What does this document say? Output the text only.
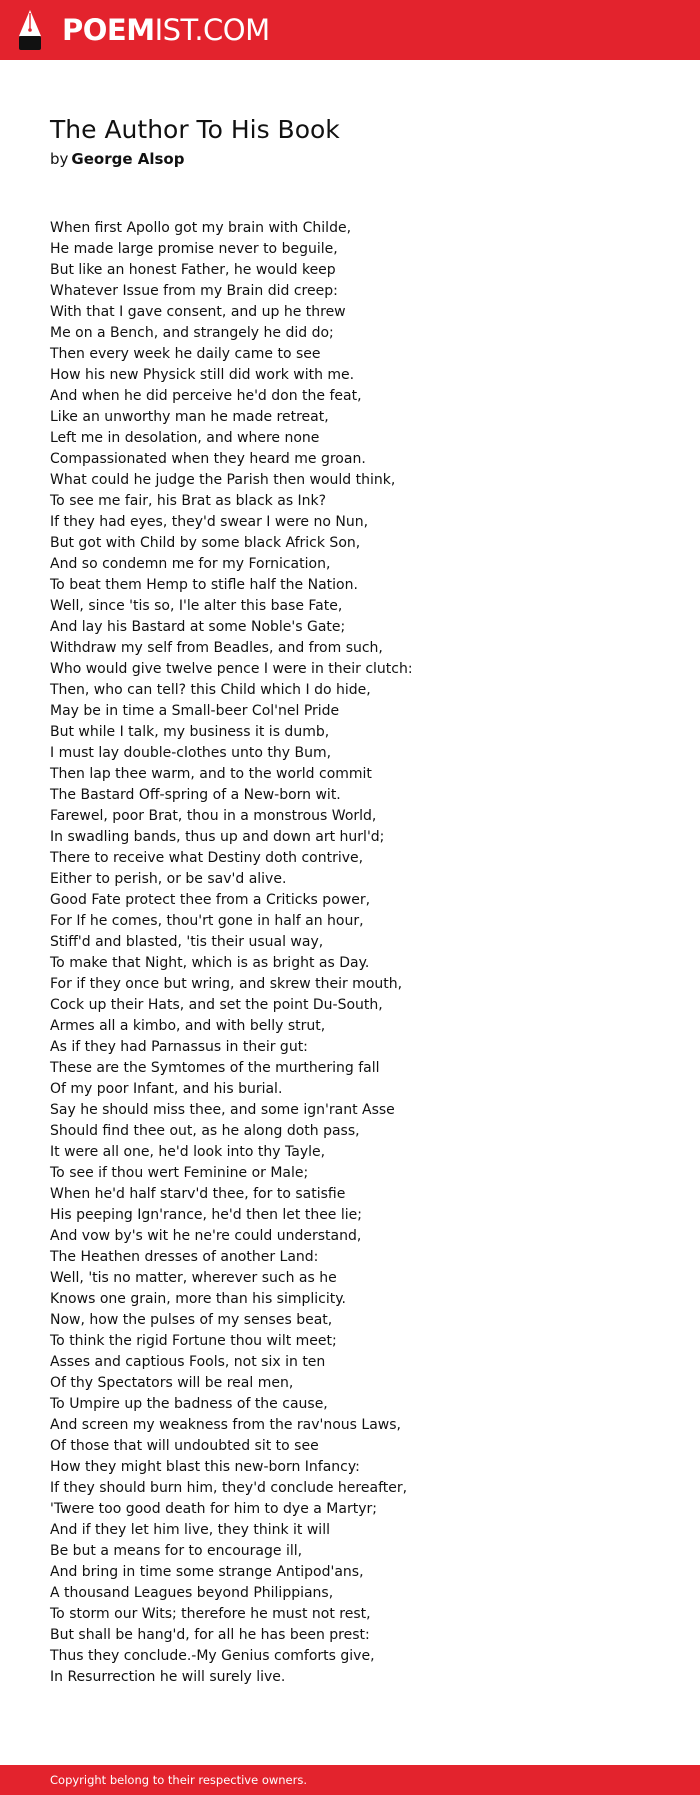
POEMIST.COM
The Author To His Book
by George Alsop
When first Apollo got my brain with Childe,
He made large promise never to beguile,
But like an honest Father, he would keep
Whatever Issue from my Brain did creep:
With that I gave consent, and up he threw
Me on a Bench, and strangely he did do;
Then every week he daily came to see
How his new Physick still did work with me.
And when he did perceive he'd don the feat,
Like an unworthy man he made retreat,
Left me in desolation, and where none
Compassionated when they heard me groan.
What could he judge the Parish then would think,
To see me fair, his Brat as black as Ink?
If they had eyes, they'd swear I were no Nun,
But got with Child by some black Africk Son,
And so condemn me for my Fornication,
To beat them Hemp to stifle half the Nation.
Well, since 'tis so, I'le alter this base Fate,
And lay his Bastard at some Noble's Gate;
Withdraw my self from Beadles, and from such,
Who would give twelve pence I were in their clutch:
Then, who can tell? this Child which I do hide,
May be in time a Small-beer Col'nel Pride
But while I talk, my business it is dumb,
I must lay double-clothes unto thy Bum,
Then lap thee warm, and to the world commit
The Bastard Off-spring of a New-born wit.
Farewel, poor Brat, thou in a monstrous World,
In swadling bands, thus up and down art hurl'd;
There to receive what Destiny doth contrive,
Either to perish, or be sav'd alive.
Good Fate protect thee from a Criticks power,
For If he comes, thou'rt gone in half an hour,
Stiff'd and blasted, 'tis their usual way,
To make that Night, which is as bright as Day.
For if they once but wring, and skrew their mouth,
Cock up their Hats, and set the point Du-South,
Armes all a kimbo, and with belly strut,
As if they had Parnassus in their gut:
These are the Symtomes of the murthering fall
Of my poor Infant, and his burial.
Say he should miss thee, and some ign'rant Asse
Should find thee out, as he along doth pass,
It were all one, he'd look into thy Tayle,
To see if thou wert Feminine or Male;
When he'd half starv'd thee, for to satisfie
His peeping Ign'rance, he'd then let thee lie;
And vow by's wit he ne're could understand,
The Heathen dresses of another Land:
Well, 'tis no matter, wherever such as he
Knows one grain, more than his simplicity.
Now, how the pulses of my senses beat,
To think the rigid Fortune thou wilt meet;
Asses and captious Fools, not six in ten
Of thy Spectators will be real men,
To Umpire up the badness of the cause,
And screen my weakness from the rav'nous Laws,
Of those that will undoubted sit to see
How they might blast this new-born Infancy:
If they should burn him, they'd conclude hereafter,
'Twere too good death for him to dye a Martyr;
And if they let him live, they think it will
Be but a means for to encourage ill,
And bring in time some strange Antipod'ans,
A thousand Leagues beyond Philippians,
To storm our Wits; therefore he must not rest,
But shall be hang'd, for all he has been prest:
Thus they conclude.-My Genius comforts give,
In Resurrection he will surely live.
Copyright belong to their respective owners.
